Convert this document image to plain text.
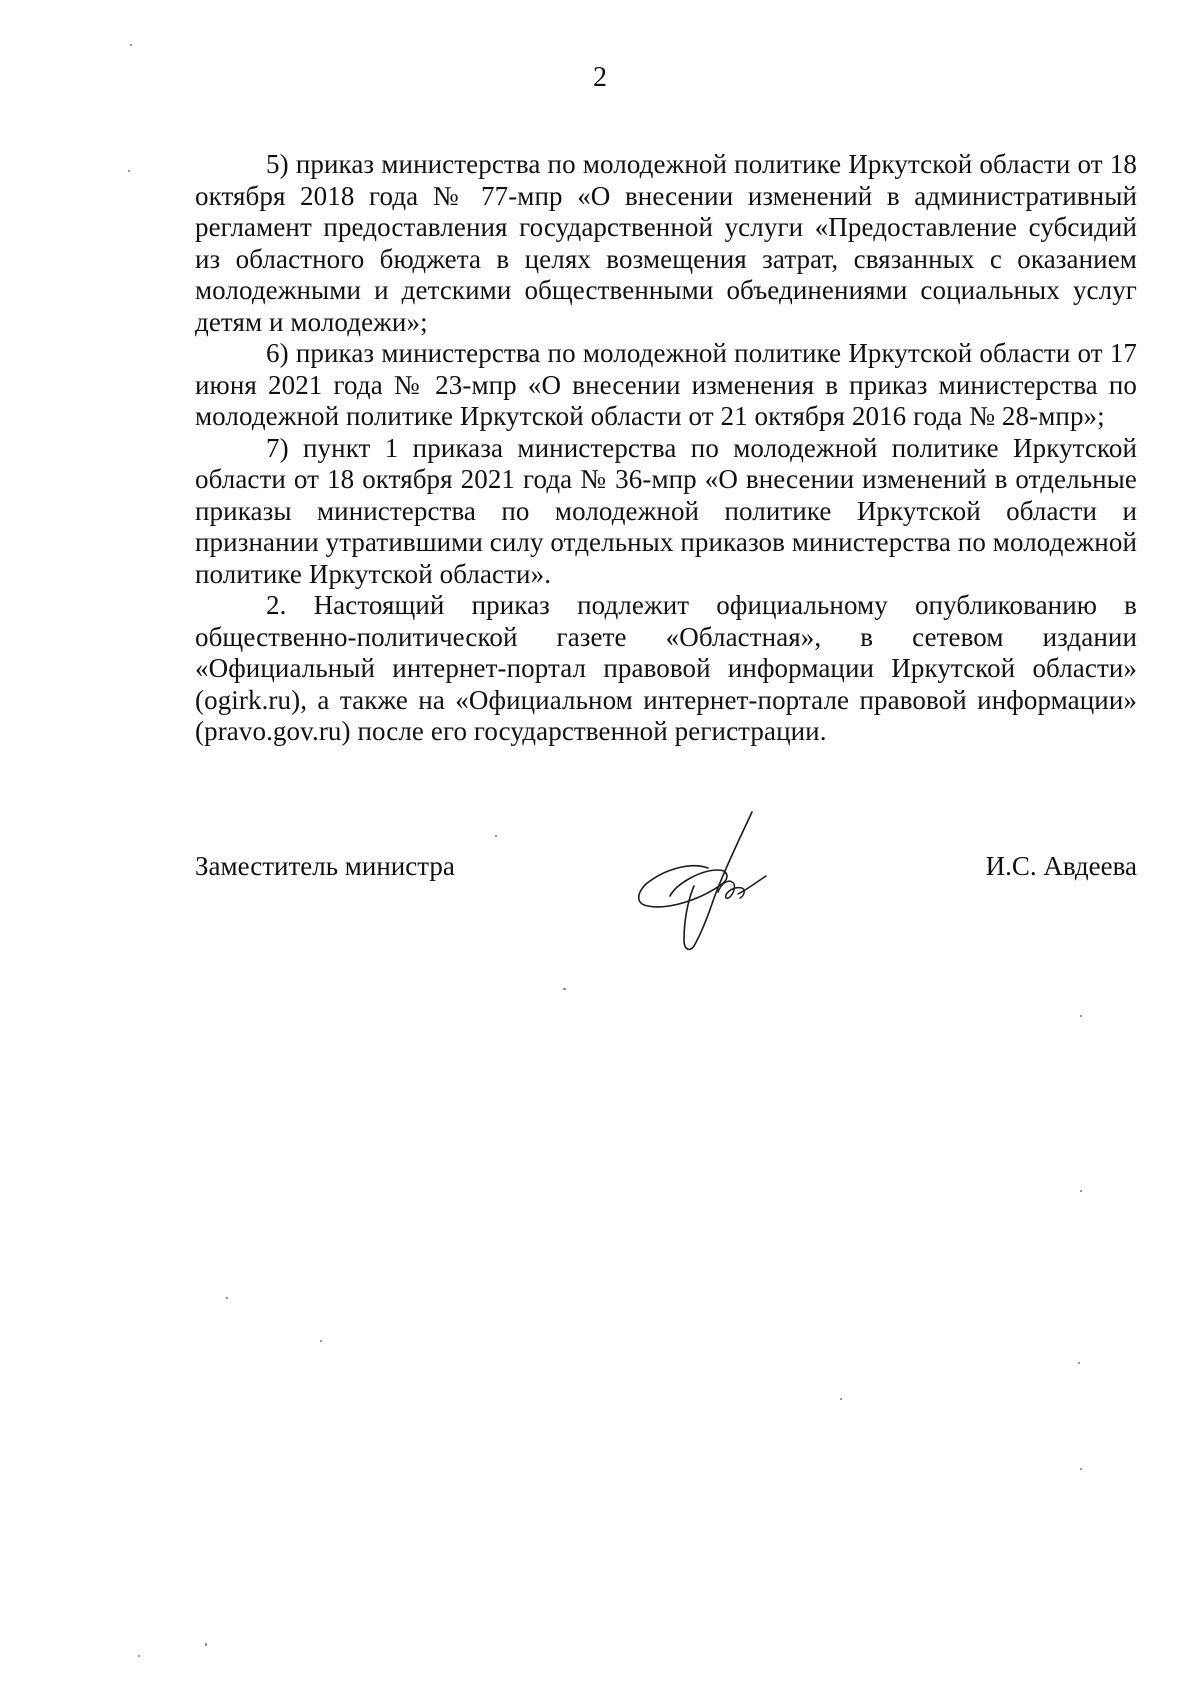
2

5) приказ министерства по молодежной политике Иркутской области от 18 октября 2018 года № 77-мпр «О внесении изменений в административный регламент предоставления государственной услуги «Предоставление субсидий из областного бюджета в целях возмещения затрат, связанных с оказанием молодежными и детскими общественными объединениями социальных услуг детям и молодежи»;

6) приказ министерства по молодежной политике Иркутской области от 17 июня 2021 года № 23-мпр «О внесении изменения в приказ министерства по молодежной политике Иркутской области от 21 октября 2016 года № 28-мпр»;

7) пункт 1 приказа министерства по молодежной политике Иркутской области от 18 октября 2021 года № 36-мпр «О внесении изменений в отдельные приказы министерства по молодежной политике Иркутской области и признании утратившими силу отдельных приказов министерства по молодежной политике Иркутской области».

2. Настоящий приказ подлежит официальному опубликованию в общественно-политической газете «Областная», в сетевом издании «Официальный интернет-портал правовой информации Иркутской области» (ogirk.ru), а также на «Официальном интернет-портале правовой информации» (pravo.gov.ru) после его государственной регистрации.

Заместитель министра	И.С. Авдеева
